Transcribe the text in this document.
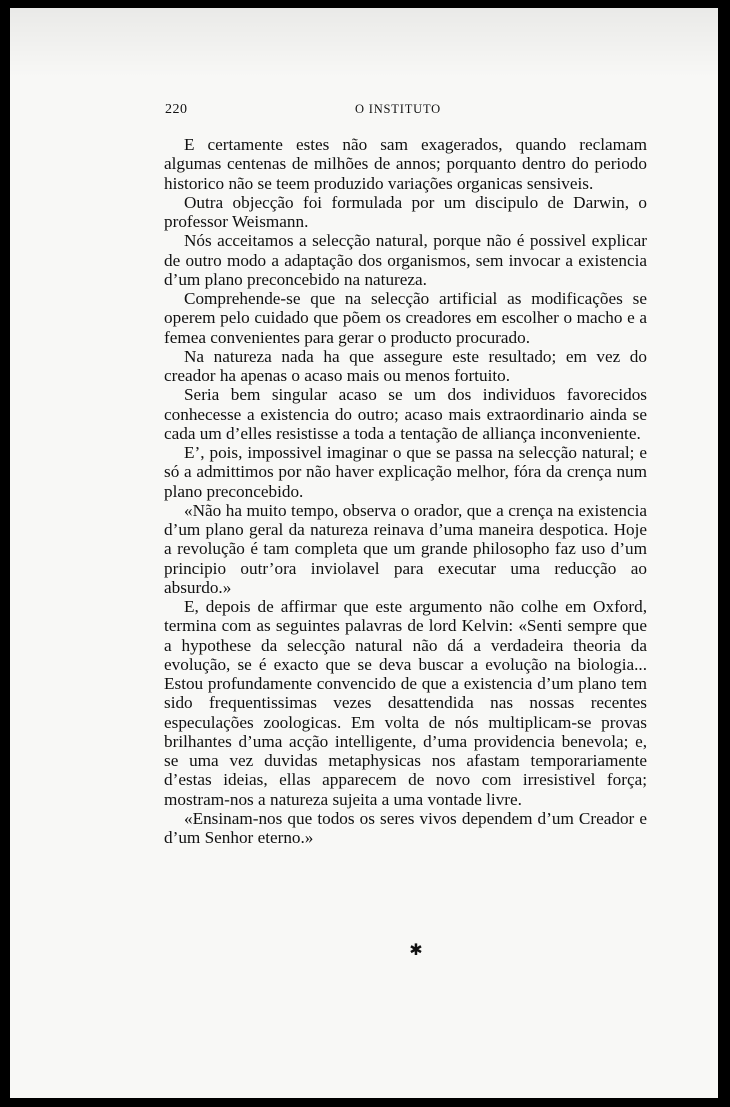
220	O INSTITUTO

E certamente estes não sam exagerados, quando reclamam algumas centenas de milhões de annos; porquanto dentro do periodo historico não se teem produzido variações organicas sensiveis.

Outra objecção foi formulada por um discipulo de Darwin, o professor Weismann.

Nós acceitamos a selecção natural, porque não é possivel explicar de outro modo a adaptação dos organismos, sem invocar a existencia d’um plano preconcebido na natureza.

Comprehende-se que na selecção artificial as modificações se operem pelo cuidado que põem os creadores em escolher o macho e a femea convenientes para gerar o producto procurado.

Na natureza nada ha que assegure este resultado; em vez do creador ha apenas o acaso mais ou menos fortuito.

Seria bem singular acaso se um dos individuos favorecidos conhecesse a existencia do outro; acaso mais extraordinario ainda se cada um d’elles resistisse a toda a tentação de alliança inconveniente.

E’, pois, impossivel imaginar o que se passa na selecção natural; e só a admittimos por não haver explicação melhor, fóra da crença num plano preconcebido.

«Não ha muito tempo, observa o orador, que a crença na existencia d’um plano geral da natureza reinava d’uma maneira despotica. Hoje a revolução é tam completa que um grande philosopho faz uso d’um principio outr’ora inviolavel para executar uma reducção ao absurdo.»

E, depois de affirmar que este argumento não colhe em Oxford, termina com as seguintes palavras de lord Kelvin: «Senti sempre que a hypothese da selecção natural não dá a verdadeira theoria da evolução, se é exacto que se deva buscar a evolução na biologia... Estou profundamente convencido de que a existencia d’um plano tem sido frequentissimas vezes desattendida nas nossas recentes especulações zoologicas. Em volta de nós multiplicam-se provas brilhantes d’uma acção intelligente, d’uma providencia benevola; e, se uma vez duvidas metaphysicas nos afastam temporariamente d’estas ideias, ellas apparecem de novo com irresistivel força; mostram-nos a natureza sujeita a uma vontade livre.

«Ensinam-nos que todos os seres vivos dependem d’um Creador e d’um Senhor eterno.»

✱
